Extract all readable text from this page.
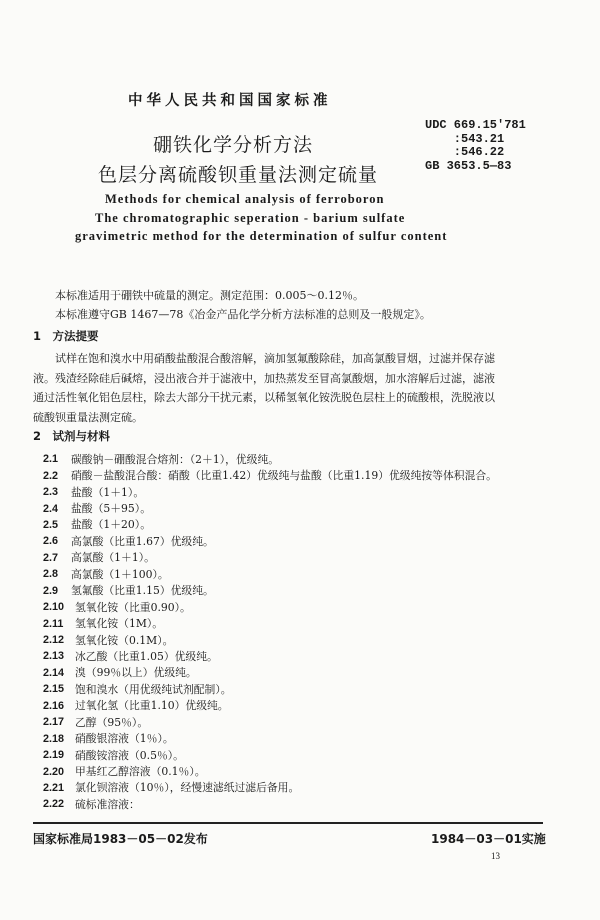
中华人民共和国国家标准
硼铁化学分析方法
色层分离硫酸钡重量法测定硫量
UDC 669.15'781
:543.21
:546.22
GB 3653.5—83
Methods for chemical analysis of ferroboron
The chromatographic seperation - barium sulfate
gravimetric method for the determination of sulfur content
本标准适用于硼铁中硫量的测定。测定范围：0.005～0.12％。
本标准遵守GB 1467—78《冶金产品化学分析方法标准的总则及一般规定》。
1　方法提要
试样在饱和溴水中用硝酸盐酸混合酸溶解，滴加氢氟酸除硅，加高氯酸冒烟，过滤并保存滤液。残渣经除硅后碱熔，浸出液合并于滤液中，加热蒸发至冒高氯酸烟，加水溶解后过滤，滤液通过活性氧化铝色层柱，除去大部分干扰元素，以稀氢氧化铵洗脱色层柱上的硫酸根，洗脱液以硫酸钡重量法测定硫。
2　试剂与材料
2.1	碳酸钠－硼酸混合熔剂：（2＋1），优级纯。
2.2	硝酸－盐酸混合酸：硝酸（比重1.42）优级纯与盐酸（比重1.19）优级纯按等体积混合。
2.3	盐酸（1＋1）。
2.4	盐酸（5＋95）。
2.5	盐酸（1＋20）。
2.6	高氯酸（比重1.67）优级纯。
2.7	高氯酸（1＋1）。
2.8	高氯酸（1＋100）。
2.9	氢氟酸（比重1.15）优级纯。
2.10	氢氧化铵（比重0.90）。
2.11	氢氧化铵（1M）。
2.12	氢氧化铵（0.1M）。
2.13	冰乙酸（比重1.05）优级纯。
2.14	溴（99％以上）优级纯。
2.15	饱和溴水（用优级纯试剂配制）。
2.16	过氧化氢（比重1.10）优级纯。
2.17	乙醇（95％）。
2.18	硝酸银溶液（1％）。
2.19	硝酸铵溶液（0.5％）。
2.20	甲基红乙醇溶液（0.1％）。
2.21	氯化钡溶液（10％），经慢速滤纸过滤后备用。
2.22	硫标准溶液：
国家标准局1983－05－02发布	1984－03－01实施
13
